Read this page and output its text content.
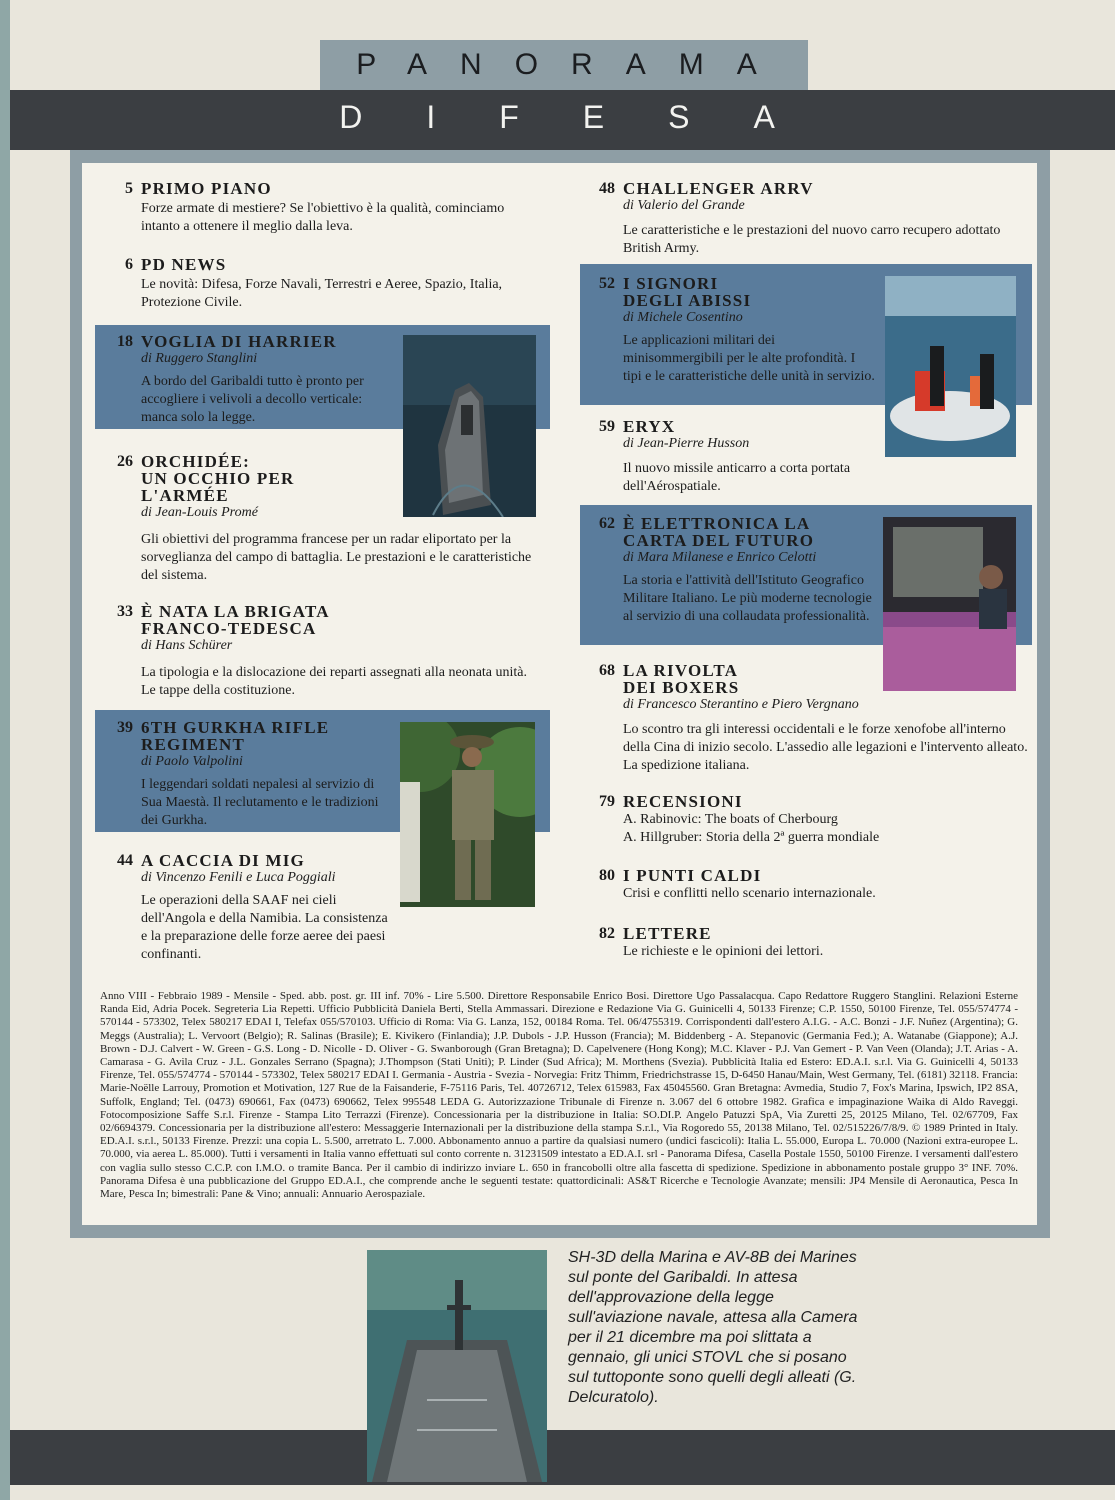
PANORAMA
DIFESA
5 PRIMO PIANO

Forze armate di mestiere? Se l'obiettivo è la qualità, cominciamo intanto a ottenere il meglio dalla leva.

6 PD NEWS

Le novità: Difesa, Forze Navali, Terrestri e Aeree, Spazio, Italia, Protezione Civile.

18 VOGLIA DI HARRIER

di Ruggero Stanglini

A bordo del Garibaldi tutto è pronto per accogliere i velivoli a decollo verticale: manca solo la legge.

26 ORCHIDÉE:

UN OCCHIO PER

L'ARMÉE

di Jean-Louis Promé

Gli obiettivi del programma francese per un radar eliportato per la sorveglianza del campo di battaglia. Le prestazioni e le caratteristiche del sistema.

33 È NATA LA BRIGATA

FRANCO-TEDESCA

di Hans Schürer

La tipologia e la dislocazione dei reparti assegnati alla neonata unità. Le tappe della costituzione.

39 6TH GURKHA RIFLE

REGIMENT

di Paolo Valpolini

I leggendari soldati nepalesi al servizio di Sua Maestà. Il reclutamento e le tradizioni dei Gurkha.

44 A CACCIA DI MIG

di Vincenzo Fenili e Luca Poggiali

Le operazioni della SAAF nei cieli dell'Angola e della Namibia. La consistenza e la preparazione delle forze aeree dei paesi confinanti.

48 CHALLENGER ARRV

di Valerio del Grande

Le caratteristiche e le prestazioni del nuovo carro recupero adottato British Army.

52 I SIGNORI

DEGLI ABISSI

di Michele Cosentino

Le applicazioni militari dei minisommergibili per le alte profondità. I tipi e le caratteristiche delle unità in servizio.

59 ERYX

di Jean-Pierre Husson

Il nuovo missile anticarro a corta portata dell'Aérospatiale.

62 È ELETTRONICA LA

CARTA DEL FUTURO

di Mara Milanese e Enrico Celotti

La storia e l'attività dell'Istituto Geografico Militare Italiano. Le più moderne tecnologie al servizio di una collaudata professionalità.

68 LA RIVOLTA

DEI BOXERS

di Francesco Sterantino e Piero Vergnano

Lo scontro tra gli interessi occidentali e le forze xenofobe all'interno della Cina di inizio secolo. L'assedio alle legazioni e l'intervento alleato. La spedizione italiana.

79 RECENSIONI

A. Rabinovic: The boats of Cherbourg

A. Hillgruber: Storia della 2ª guerra mondiale

80 I PUNTI CALDI

Crisi e conflitti nello scenario internazionale.

82 LETTERE

Le richieste e le opinioni dei lettori.

Anno VIII - Febbraio 1989 - Mensile - Sped. abb. post. gr. III inf. 70% - Lire 5.500. Direttore Responsabile Enrico Bosi. Direttore Ugo Passalacqua. Capo Redattore Ruggero Stanglini. Relazioni Esterne Randa Eid, Adria Pocek. Segreteria Lia Repetti. Ufficio Pubblicità Daniela Berti, Stella Ammassari. Direzione e Redazione Via G. Guinicelli 4, 50133 Firenze; C.P. 1550, 50100 Firenze, Tel. 055/574774 - 570144 - 573302, Telex 580217 EDAI I, Telefax 055/570103. Ufficio di Roma: Via G. Lanza, 152, 00184 Roma. Tel. 06/4755319. Corrispondenti dall'estero A.I.G. - A.C. Bonzi - J.F. Nuñez (Argentina); G. Meggs (Australia); L. Vervoort (Belgio); R. Salinas (Brasile); E. Kivikero (Finlandia); J.P. Dubols - J.P. Husson (Francia); M. Biddenberg - A. Stepanovic (Germania Fed.); A. Watanabe (Giappone); A.J. Brown - D.J. Calvert - W. Green - G.S. Long - D. Nicolle - D. Oliver - G. Swanborough (Gran Bretagna); D. Capelvenere (Hong Kong); M.C. Klaver - P.J. Van Gemert - P. Van Veen (Olanda); J.T. Arias - A. Camarasa - G. Avila Cruz - J.L. Gonzales Serrano (Spagna); J.Thompson (Stati Uniti); P. Linder (Sud Africa); M. Morthens (Svezia). Pubblicità Italia ed Estero: ED.A.I. s.r.l. Via G. Guinicelli 4, 50133 Firenze, Tel. 055/574774 - 570144 - 573302, Telex 580217 EDAI I. Germania - Austria - Svezia - Norvegia: Fritz Thimm, Friedrichstrasse 15, D-6450 Hanau/Main, West Germany, Tel. (6181) 32118. Francia: Marie-Noëlle Larrouy, Promotion et Motivation, 127 Rue de la Faisanderie, F-75116 Paris, Tel. 40726712, Telex 615983, Fax 45045560. Gran Bretagna: Avmedia, Studio 7, Fox's Marina, Ipswich, IP2 8SA, Suffolk, England; Tel. (0473) 690661, Fax (0473) 690662, Telex 995548 LEDA G. Autorizzazione Tribunale di Firenze n. 3.067 del 6 ottobre 1982. Grafica e impaginazione Waika di Aldo Raveggi. Fotocomposizione Saffe S.r.l. Firenze - Stampa Lito Terrazzi (Firenze). Concessionaria per la distribuzione in Italia: SO.DI.P. Angelo Patuzzi SpA, Via Zuretti 25, 20125 Milano, Tel. 02/67709, Fax 02/6694379. Concessionaria per la distribuzione all'estero: Messaggerie Internazionali per la distribuzione della stampa S.r.l., Via Rogoredo 55, 20138 Milano, Tel. 02/515226/7/8/9. © 1989 Printed in Italy. ED.A.I. s.r.l., 50133 Firenze. Prezzi: una copia L. 5.500, arretrato L. 7.000. Abbonamento annuo a partire da qualsiasi numero (undici fascicoli): Italia L. 55.000, Europa L. 70.000 (Nazioni extra-europee L. 70.000, via aerea L. 85.000). Tutti i versamenti in Italia vanno effettuati sul conto corrente n. 31231509 intestato a ED.A.I. srl - Panorama Difesa, Casella Postale 1550, 50100 Firenze. I versamenti dall'estero con vaglia sullo stesso C.C.P. con I.M.O. o tramite Banca. Per il cambio di indirizzo inviare L. 650 in francobolli oltre alla fascetta di spedizione. Spedizione in abbonamento postale gruppo 3° INF. 70%. Panorama Difesa è una pubblicazione del Gruppo ED.A.I., che comprende anche le seguenti testate: quattordicinali: AS&T Ricerche e Tecnologie Avanzate; mensili: JP4 Mensile di Aeronautica, Pesca In Mare, Pesca In; bimestrali: Pane & Vino; annuali: Annuario Aerospaziale.
SH-3D della Marina e AV-8B dei Marines sul ponte del Garibaldi. In attesa dell'approvazione della legge sull'aviazione navale, attesa alla Camera per il 21 dicembre ma poi slittata a gennaio, gli unici STOVL che si posano sul tuttoponte sono quelli degli alleati (G. Delcuratolo).
